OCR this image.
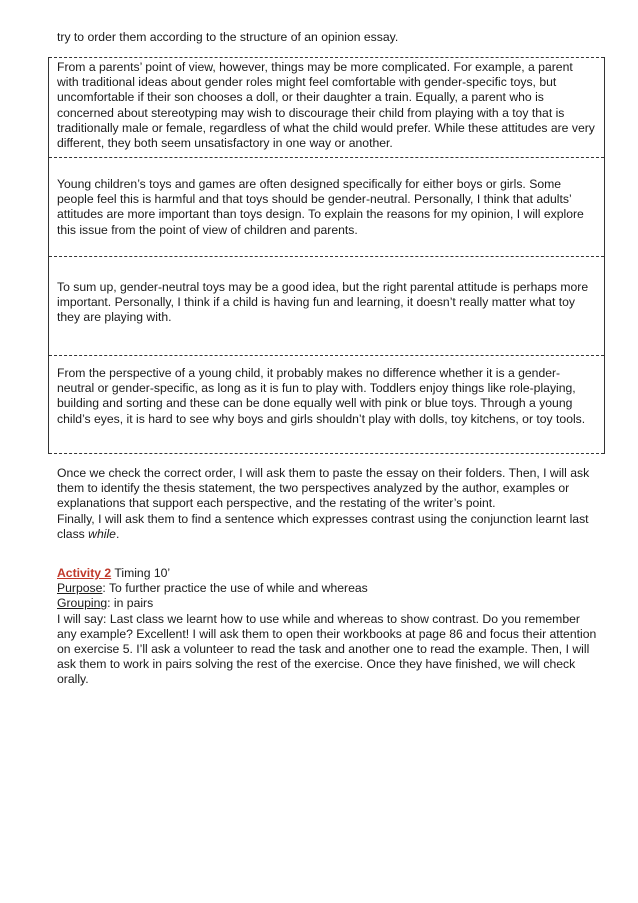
try to order them according to the structure of an opinion essay.
From a parents’ point of view, however, things may be more complicated. For example, a parent with traditional ideas about gender roles might feel comfortable with gender-specific toys, but uncomfortable if their son chooses a doll, or their daughter a train. Equally, a parent who is concerned about stereotyping may wish to discourage their child from playing with a toy that is traditionally male or female, regardless of what the child would prefer. While these attitudes are very different, they both seem unsatisfactory in one way or another.
Young children’s toys and games are often designed specifically for either boys or girls. Some people feel this is harmful and that toys should be gender-neutral. Personally, I think that adults’ attitudes are more important than toys design. To explain the reasons for my opinion, I will explore this issue from the point of view of children and parents.
To sum up, gender-neutral toys may be a good idea, but the right parental attitude is perhaps more important. Personally, I think if a child is having fun and learning, it doesn’t really matter what toy they are playing with.
From the perspective of a young child, it probably makes no difference whether it is a gender-neutral or gender-specific, as long as it is fun to play with. Toddlers enjoy things like role-playing, building and sorting and these can be done equally well with pink or blue toys. Through a young child’s eyes, it is hard to see why boys and girls shouldn’t play with dolls, toy kitchens, or toy tools.

Once we check the correct order, I will ask them to paste the essay on their folders. Then, I will ask them to identify the thesis statement, the two perspectives analyzed by the author, examples or explanations that support each perspective, and the restating of the writer’s point.

Finally, I will ask them to find a sentence which expresses contrast using the conjunction learnt last class while.

Activity 2 Timing 10’

Purpose: To further practice the use of while and whereas

Grouping: in pairs

I will say: Last class we learnt how to use while and whereas to show contrast. Do you remember any example? Excellent! I will ask them to open their workbooks at page 86 and focus their attention on exercise 5. I’ll ask a volunteer to read the task and another one to read the example. Then, I will ask them to work in pairs solving the rest of the exercise. Once they have finished, we will check orally.
